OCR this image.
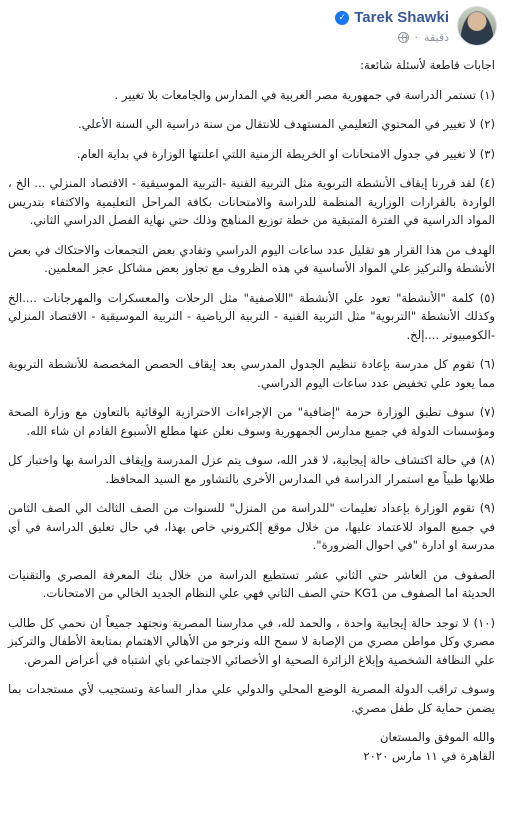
✓ Tarek Shawki
دقيقة
·

اجابات قاطعة لأسئلة شائعة:

(١) تستمر الدراسة في جمهورية مصر العربية في المدارس والجامعات بلا تغيير .

(٢) لا تغيير في المحتوي التعليمي المستهدف للانتقال من سنة دراسية الي السنة الأعلي.

(٣) لا تغيير في جدول الامتحانات او الخريطة الزمنية اللتي اعلنتها الوزارة في بداية العام.

(٤) لقد قررنا إيقاف الأنشطة التربوية مثل التربية الفنية -التربية الموسيقية - الاقتصاد المنزلي ... الخ ، الواردة بالقرارات الوزارية المنظمة للدراسة والامتحانات بكافة المراحل التعليمية والاكتفاء بتدريس المواد الدراسية في الفترة المتبقية من خطة توزيع المناهج وذلك حتي نهاية الفصل الدراسي الثاني.

الهدف من هذا القرار هو تقليل عدد ساعات اليوم الدراسي وتفادي بعض التجمعات والاحتكاك في بعض الأنشطة والتركيز علي المواد الأساسية في هذه الظروف مع تجاوز بعض مشاكل عجز المعلمين.

(٥) كلمة "الأنشطة" تعود علي الأنشطة "اللاصفية" مثل الرحلات والمعسكرات والمهرجانات ....الخ وكذلك الأنشطة "التربوية" مثل التربية الفنية - التربية الرياضية - التربية الموسيقية - الاقتصاد المنزلي -الكومبيوتر ....إلخ.

(٦) تقوم كل مدرسة بإعادة تنظيم الجدول المدرسي بعد إيقاف الحصص المخصصة للأنشطة التربوية مما يعود علي تخفيض عدد ساعات اليوم الدراسي.

(٧) سوف تطبق الوزارة حزمة "إضافية" من الإجراءات الاحترازية الوقائية بالتعاون مع وزارة الصحة ومؤسسات الدولة في جميع مدارس الجمهورية وسوف نعلن عنها مطلع الأسبوع القادم ان شاء الله.

(٨) في حالة اكتشاف حالة إيجابية، لا قدر الله، سوف يتم عزل المدرسة وإيقاف الدراسة بها واختبار كل طلابها طبياً مع استمرار الدراسة في المدارس الأخرى بالتشاور مع السيد المحافظ.

(٩) تقوم الوزارة بإعداد تعليمات "للدراسة من المنزل" للسنوات من الصف الثالث الي الصف الثامن في جميع المواد للاعتماد عليها، من خلال موقع إلكتروني خاص بهذا، في حال تعليق الدراسة في أي مدرسة او ادارة "في احوال الضرورة".

الصفوف من العاشر حتي الثاني عشر تستطيع الدراسة من خلال بنك المعرفة المصري والتقنيات الحديثة اما الصفوف من KG1 حتي الصف الثاني فهي علي النظام الجديد الخالي من الامتحانات.

(١٠) لا توجد حالة إيجابية واحدة ، والحمد لله، في مدارسنا المصرية ونجتهد جميعاً ان نحمي كل طالب مصري وكل مواطن مصري من الإصابة لا سمح الله ونرجو من الأهالي الاهتمام بمتابعة الأطفال والتركيز علي النظافة الشخصية وإبلاغ الزائرة الصحية او الأخصائي الاجتماعي باي اشتباه في أعراض المرض.

وسوف تراقب الدولة المصرية الوضع المحلي والدولي علي مدار الساعة وتستجيب لأي مستجدات بما يضمن حماية كل طفل مصري.

والله الموفق والمستعان

القاهرة في ١١ مارس ٢٠٢٠
